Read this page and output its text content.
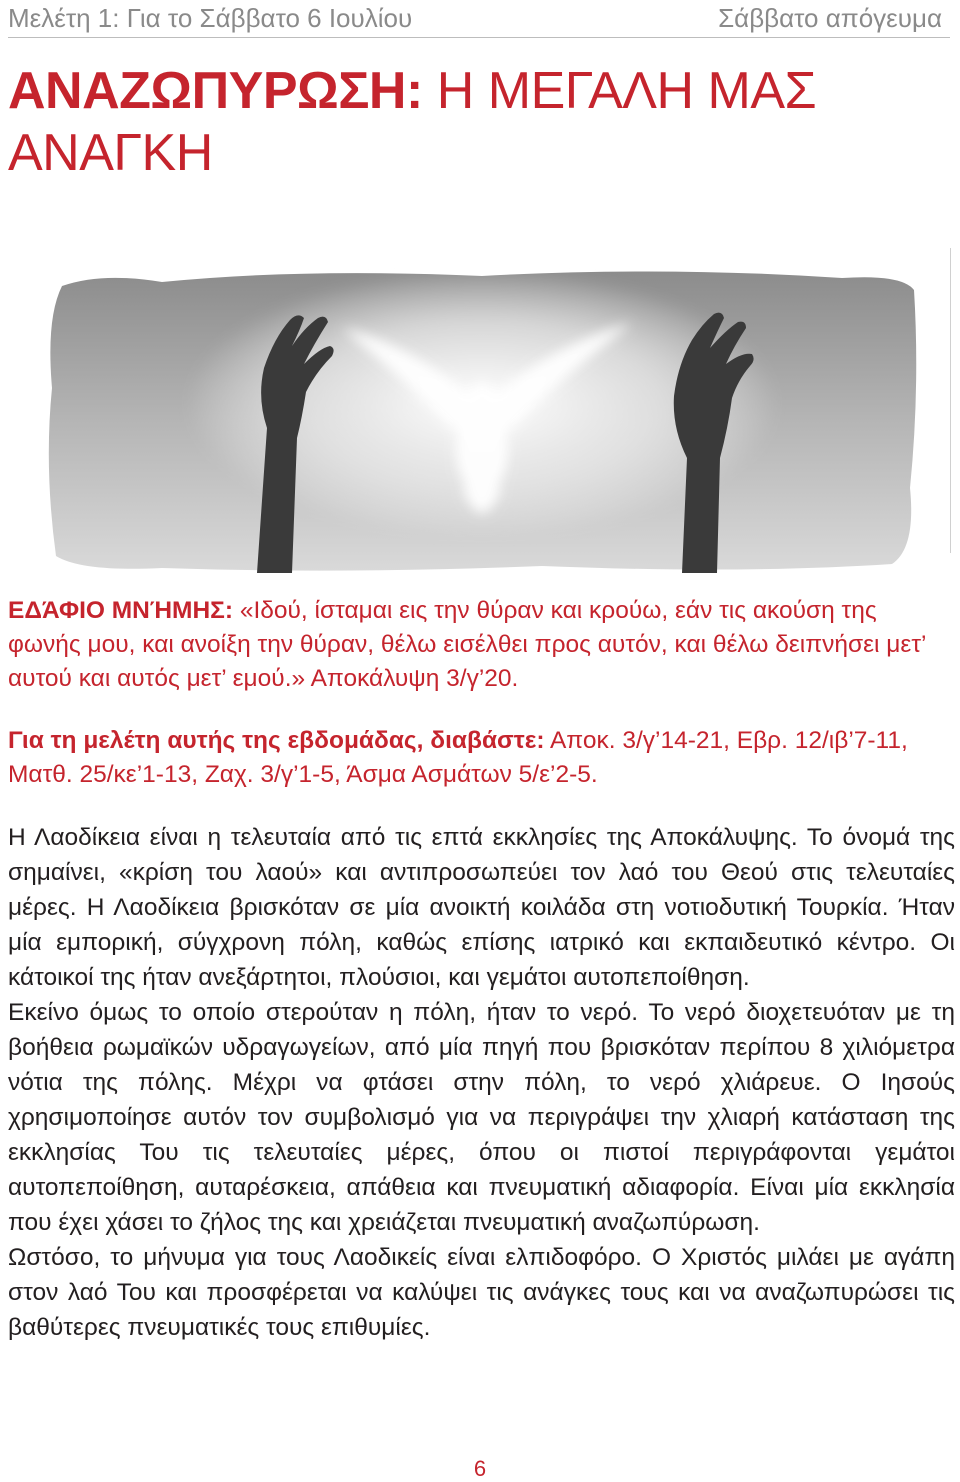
Μελέτη 1: Για το Σάββατο 6 Ιουλίου	Σάββατο απόγευμα
ΑΝΑΖΩΠΥΡΩΣΗ: Η ΜΕΓΑΛΗ ΜΑΣ ΑΝΑΓΚΗ
ΕΔΆΦΙΟ ΜΝΉΜΗΣ: «Ιδού, ίσταμαι εις την θύραν και κρούω, εάν τις ακούση της φωνής μου, και ανοίξη την θύραν, θέλω εισέλθει προς αυτόν, και θέλω δειπνήσει μετ’ αυτού και αυτός μετ’ εμού.» Αποκάλυψη 3/γ’20.
Για τη μελέτη αυτής της εβδομάδας, διαβάστε: Αποκ. 3/γ’14-21, Εβρ. 12/ιβ’7-11, Ματθ. 25/κε’1-13, Ζαχ. 3/γ’1-5, Άσμα Ασμάτων 5/ε’2-5.

Η Λαοδίκεια είναι η τελευταία από τις επτά εκκλησίες της Αποκάλυψης. Το όνομά της σημαίνει, «κρίση του λαού» και αντιπροσωπεύει τον λαό του Θεού στις τελευταίες μέρες. Η Λαοδίκεια βρισκόταν σε μία ανοικτή κοιλάδα στη νοτιοδυτική Τουρκία. Ήταν μία εμπορική, σύγχρονη πόλη, καθώς επίσης ιατρικό και εκπαιδευτικό κέντρο. Οι κάτοικοί της ήταν ανεξάρτητοι, πλούσιοι, και γεμάτοι αυτοπεποίθηση.

Εκείνο όμως το οποίο στερούταν η πόλη, ήταν το νερό. Το νερό διοχετευόταν με τη βοήθεια ρωμαϊκών υδραγωγείων, από μία πηγή που βρισκόταν περίπου 8 χιλιόμετρα νότια της πόλης. Μέχρι να φτάσει στην πόλη, το νερό χλιάρευε. Ο Ιησούς χρησιμοποίησε αυτόν τον συμβολισμό για να περιγράψει την χλιαρή κατάσταση της εκκλησίας Του τις τελευταίες μέρες, όπου οι πιστοί περιγράφονται γεμάτοι αυτοπεποίθηση, αυταρέσκεια, απάθεια και πνευματική αδιαφορία. Είναι μία εκκλησία που έχει χάσει το ζήλος της και χρειάζεται πνευματική αναζωπύρωση.

Ωστόσο, το μήνυμα για τους Λαοδικείς είναι ελπιδοφόρο. Ο Χριστός μιλάει με αγάπη στον λαό Του και προσφέρεται να καλύψει τις ανάγκες τους και να αναζωπυρώσει τις βαθύτερες πνευματικές τους επιθυμίες.

6
